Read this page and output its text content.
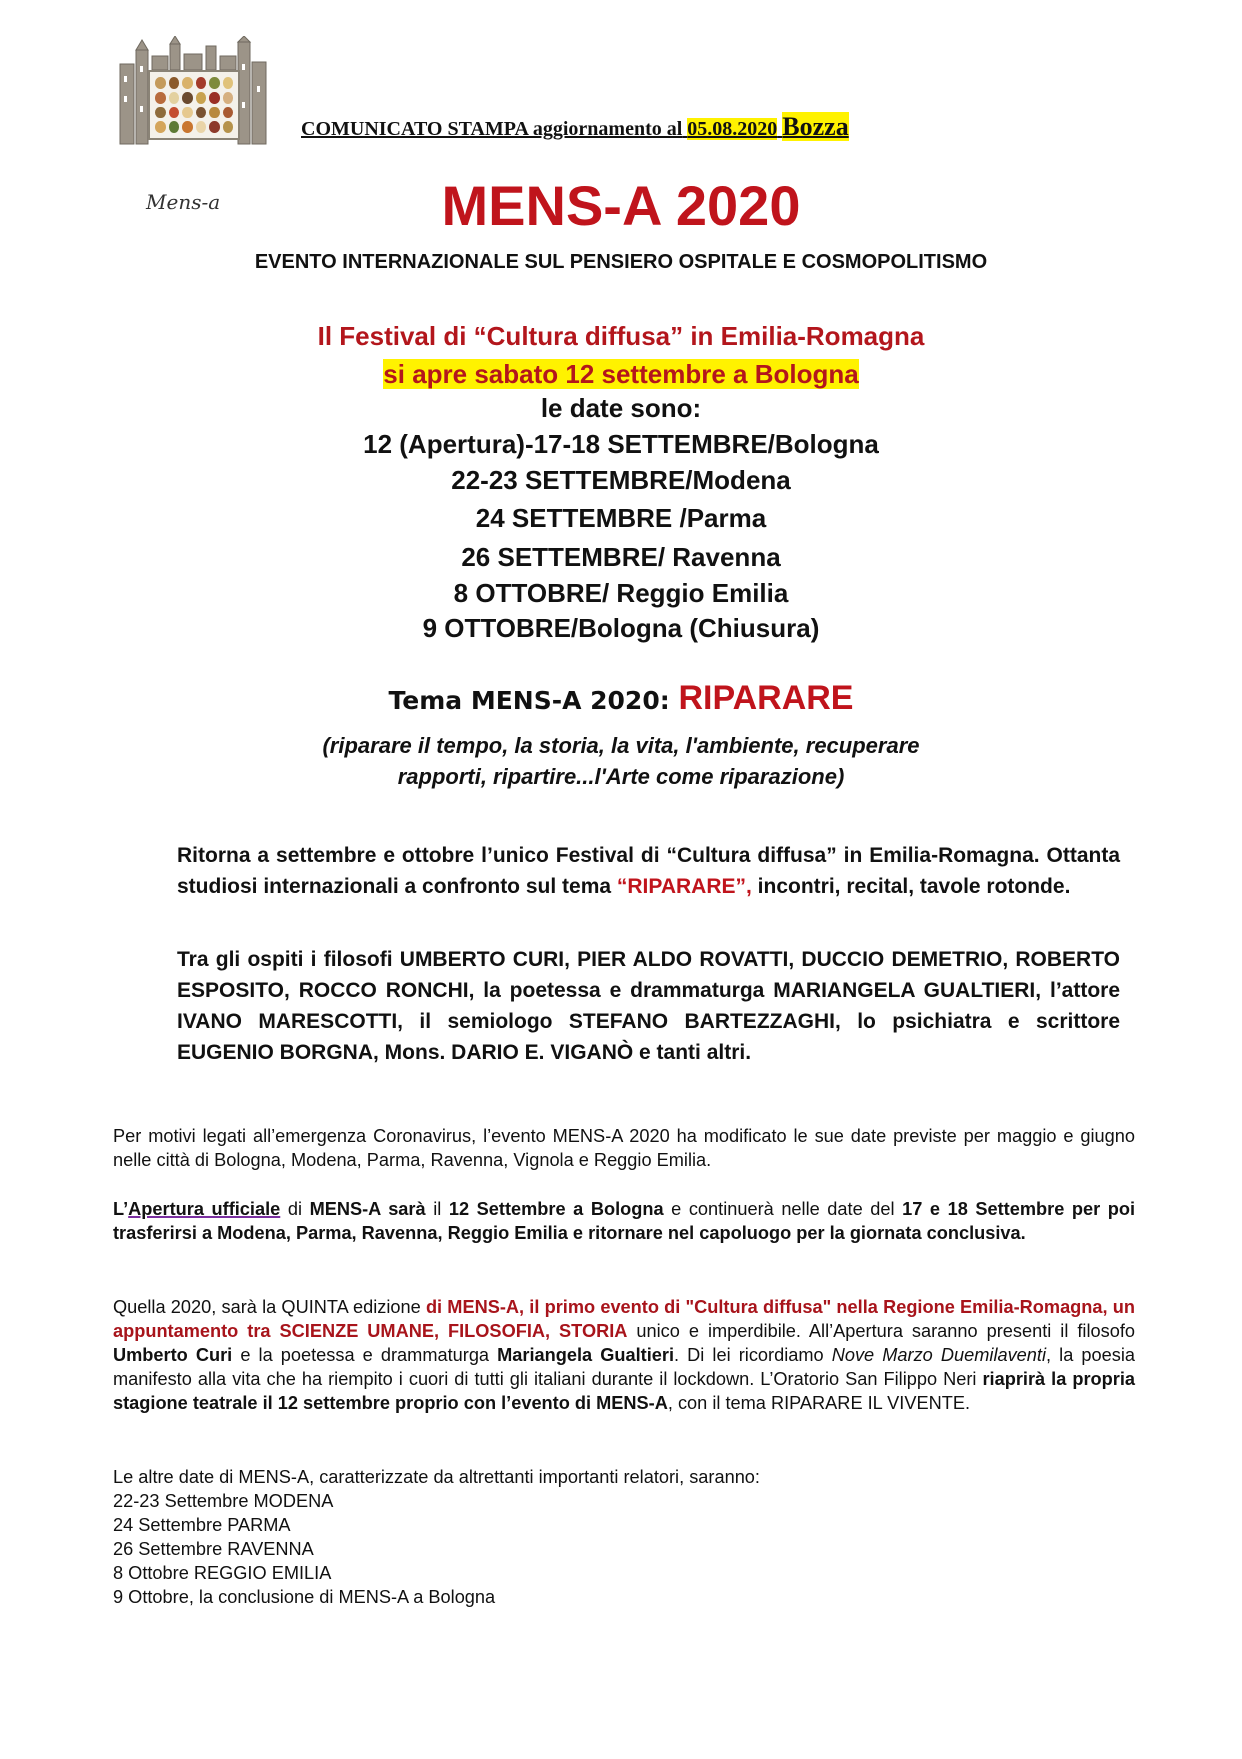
Mens-a
COMUNICATO STAMPA aggiornamento al 05.08.2020 Bozza
MENS-A 2020
EVENTO INTERNAZIONALE SUL PENSIERO OSPITALE E COSMOPOLITISMO
Il Festival di “Cultura diffusa” in Emilia-Romagna
si apre sabato 12 settembre a Bologna
le date sono:
12 (Apertura)-17-18 SETTEMBRE/Bologna
22-23 SETTEMBRE/Modena
24 SETTEMBRE /Parma
26 SETTEMBRE/ Ravenna
8 OTTOBRE/ Reggio Emilia
9 OTTOBRE/Bologna (Chiusura)
Tema MENS-A 2020: RIPARARE
(riparare il tempo, la storia, la vita, l'ambiente, recuperare
rapporti, ripartire...l'Arte come riparazione)
Ritorna a settembre e ottobre l’unico Festival di “Cultura diffusa” in Emilia-Romagna. Ottanta studiosi internazionali a confronto sul tema “RIPARARE”, incontri, recital, tavole rotonde.
Tra gli ospiti i filosofi UMBERTO CURI, PIER ALDO ROVATTI, DUCCIO DEMETRIO, ROBERTO ESPOSITO, ROCCO RONCHI, la poetessa e drammaturga MARIANGELA GUALTIERI, l’attore IVANO MARESCOTTI, il semiologo STEFANO BARTEZZAGHI, lo psichiatra e scrittore EUGENIO BORGNA, Mons. DARIO E. VIGANÒ e tanti altri.
Per motivi legati all’emergenza Coronavirus, l’evento MENS-A 2020 ha modificato le sue date previste per maggio e giugno nelle città di Bologna, Modena, Parma, Ravenna, Vignola e Reggio Emilia.
L’Apertura ufficiale di MENS-A sarà il 12 Settembre a Bologna e continuerà nelle date del 17 e 18 Settembre per poi trasferirsi a Modena, Parma, Ravenna, Reggio Emilia e ritornare nel capoluogo per la giornata conclusiva.
Quella 2020, sarà la QUINTA edizione di MENS-A, il primo evento di "Cultura diffusa" nella Regione Emilia-Romagna, un appuntamento tra SCIENZE UMANE, FILOSOFIA, STORIA unico e imperdibile. All’Apertura saranno presenti il filosofo Umberto Curi e la poetessa e drammaturga Mariangela Gualtieri. Di lei ricordiamo Nove Marzo Duemilaventi, la poesia manifesto alla vita che ha riempito i cuori di tutti gli italiani durante il lockdown. L’Oratorio San Filippo Neri riaprirà la propria stagione teatrale il 12 settembre proprio con l’evento di MENS-A, con il tema RIPARARE IL VIVENTE.
Le altre date di MENS-A, caratterizzate da altrettanti importanti relatori, saranno:
22-23 Settembre MODENA
24 Settembre PARMA
26 Settembre RAVENNA
8 Ottobre REGGIO EMILIA
9 Ottobre, la conclusione di MENS-A a Bologna
